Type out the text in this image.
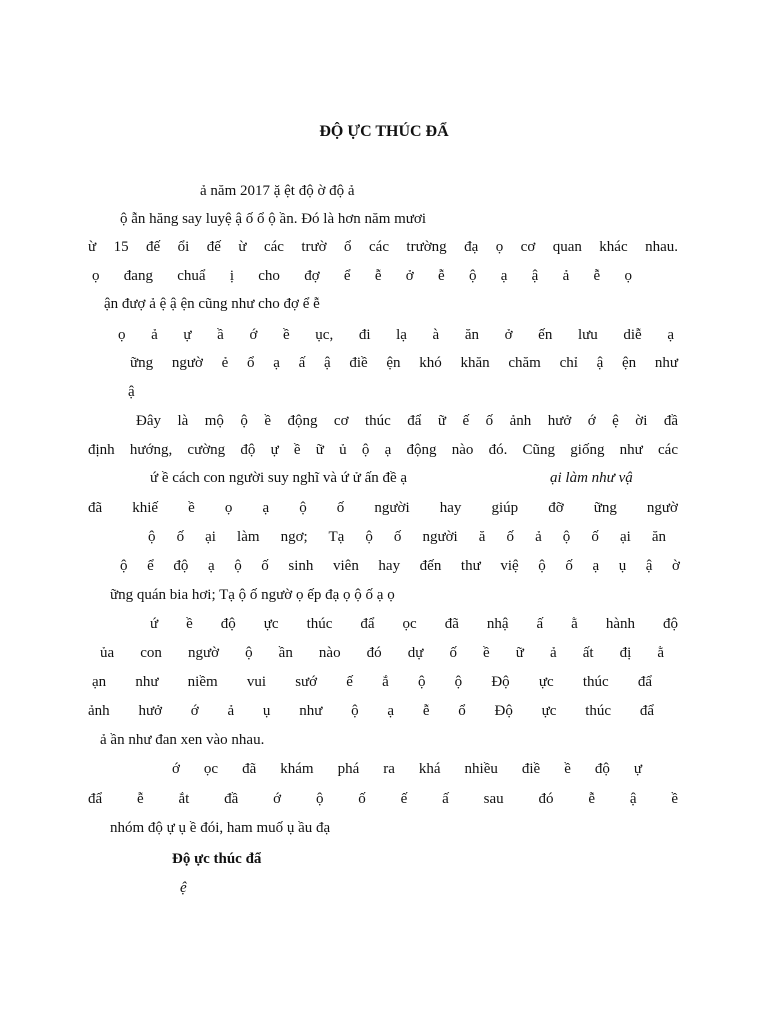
ĐỘ ỰC THÚC ĐẨ
ả năm 2017 ặ ệt độ ờ độ ả
ộ ẫn hăng say luyệ ậ ố ổ ộ ần. Đó là hơn năm mươi
ừ 15 đế ổi đế ừ các trườ ổ các trường đạ ọ cơ quan khác nhau.
ọ đang chuẩ ị cho đợ ể ễ ở ễ ộ ạ ậ ả ễ ọ
ận đượ ả ệ ậ ện cũng như cho đợ ể ễ
ọ ả ự ầ ớ ề ục, đi lạ à ăn ở ến lưu diễ ạ
ững ngườ ẻ ổ ạ ấ ậ điề ện khó khăn chăm chỉ ậ ện như
ậ
Đây là mộ ộ ề động cơ thúc đẩ ữ ế ố ảnh hưở ớ ệ ời đầ
định hướng, cường độ ự ề ữ ủ ộ ạ động nào đó. Cũng giống như các
ứ ề cách con người suy nghĩ và ứ ử ấn đề ạ	ại làm như vậ
đã khiế ề ọ ạ ộ ố người hay giúp đỡ ững ngườ
ộ ố ại làm ngơ; Tạ ộ ố người ă ố ả ộ ố ại ăn
ộ ể độ ạ ộ ố sinh viên hay đến thư việ ộ ố ạ ụ ậ ờ
ững quán bia hơi; Tạ ộ ố ngườ ọ ếp đạ ọ ộ ố ạ ọ
ứ ề độ ực thúc đẩ ọc đã nhậ ấ ằ hành độ
ủa con ngườ ộ ần nào đó dự ố ề ữ ả ất đị ằ
ạn như niềm vui sướ ế ắ ộ ộ Độ ực thúc đẩ
ảnh hưở ớ ả ụ như ộ ạ ễ ổ Độ ực thúc đẩ
ả ần như đan xen vào nhau.
ớ ọc đã khám phá ra khá nhiều điề ề độ ự
đẩ ễ ắt đầ ớ ộ ố ế ấ sau đó ễ ậ ề
nhóm độ ự ụ ề đói, ham muố ụ ầu đạ
Độ ực thúc đẩ
ệ
